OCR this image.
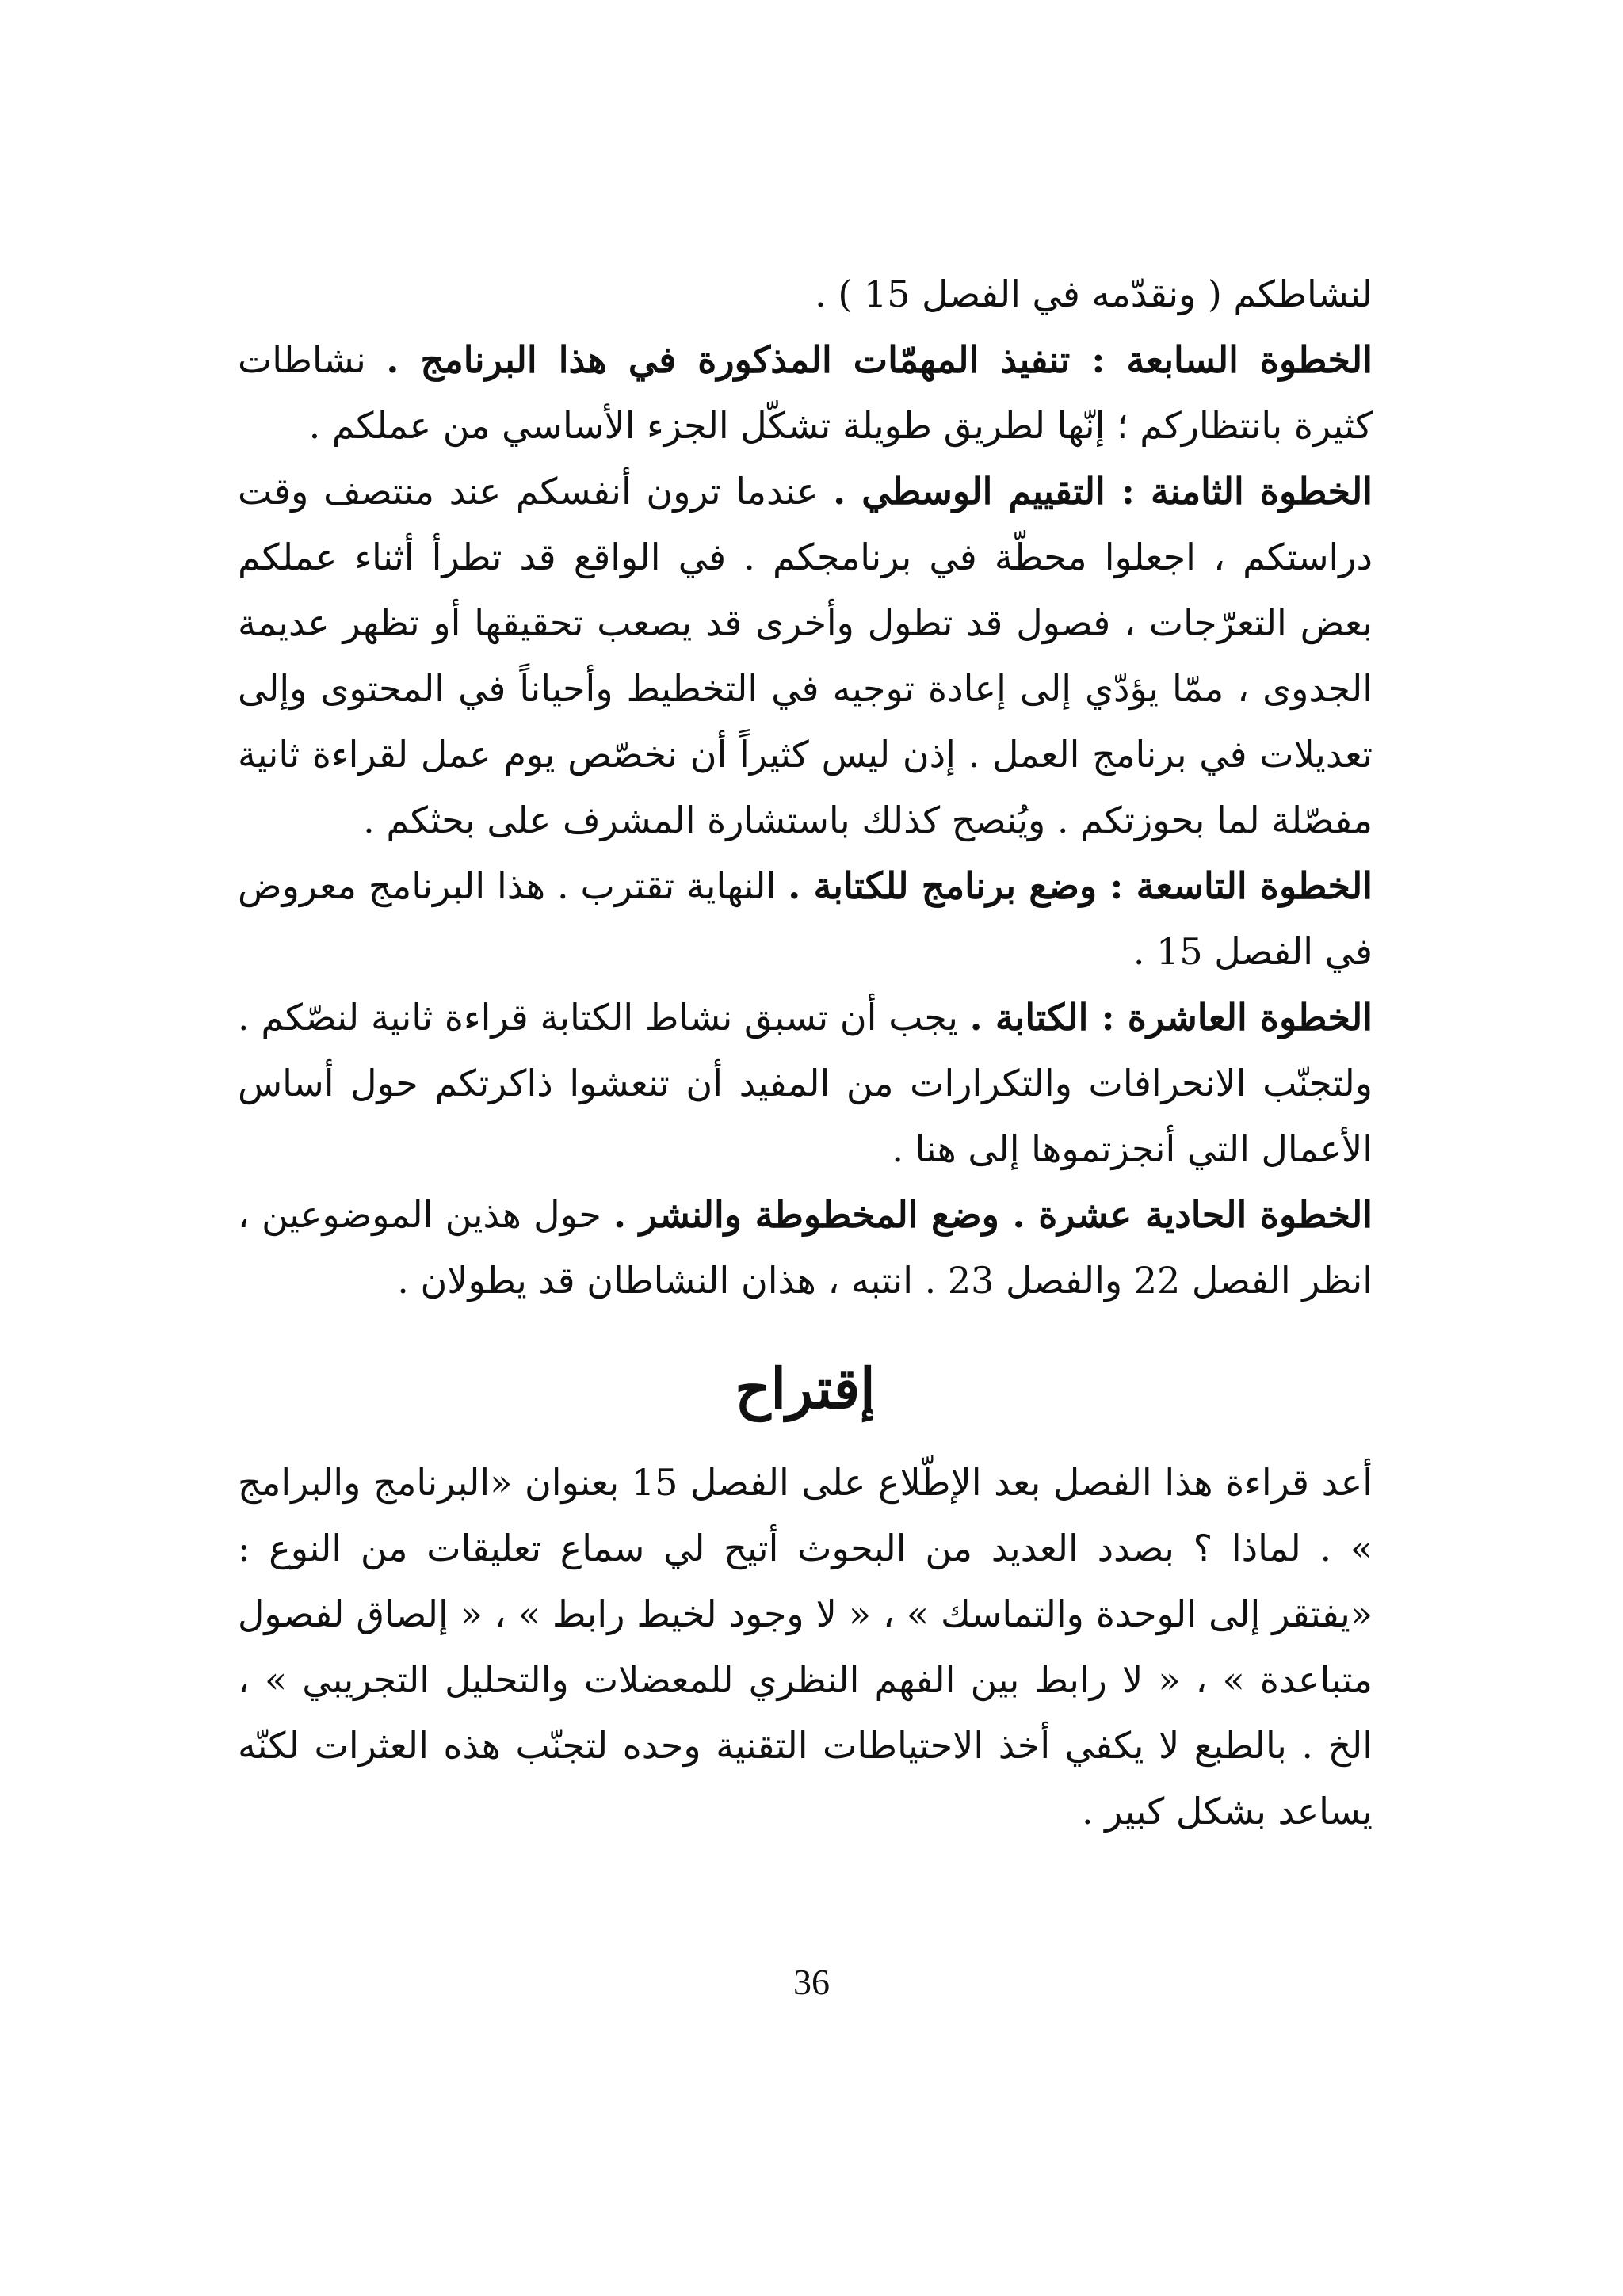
لنشاطكم ( ونقدّمه في الفصل 15 ) .

الخطوة السابعة : تنفيذ المهمّات المذكورة في هذا البرنامج . نشاطات كثيرة بانتظاركم ؛ إنّها لطريق طويلة تشكّل الجزء الأساسي من عملكم .

الخطوة الثامنة : التقييم الوسطي . عندما ترون أنفسكم عند منتصف وقت دراستكم ، اجعلوا محطّة في برنامجكم . في الواقع قد تطرأ أثناء عملكم بعض التعرّجات ، فصول قد تطول وأخرى قد يصعب تحقيقها أو تظهر عديمة الجدوى ، ممّا يؤدّي إلى إعادة توجيه في التخطيط وأحياناً في المحتوى وإلى تعديلات في برنامج العمل . إذن ليس كثيراً أن نخصّص يوم عمل لقراءة ثانية مفصّلة لما بحوزتكم . ويُنصح كذلك باستشارة المشرف على بحثكم .

الخطوة التاسعة : وضع برنامج للكتابة . النهاية تقترب . هذا البرنامج معروض في الفصل 15 .

الخطوة العاشرة : الكتابة . يجب أن تسبق نشاط الكتابة قراءة ثانية لنصّكم . ولتجنّب الانحرافات والتكرارات من المفيد أن تنعشوا ذاكرتكم حول أساس الأعمال التي أنجزتموها إلى هنا .

الخطوة الحادية عشرة . وضع المخطوطة والنشر . حول هذين الموضوعين ، انظر الفصل 22 والفصل 23 . انتبه ، هذان النشاطان قد يطولان .

إقتراح

أعد قراءة هذا الفصل بعد الإطّلاع على الفصل 15 بعنوان «البرنامج والبرامج » . لماذا ؟ بصدد العديد من البحوث أتيح لي سماع تعليقات من النوع : «يفتقر إلى الوحدة والتماسك » ، « لا وجود لخيط رابط » ، « إلصاق لفصول متباعدة » ، « لا رابط بين الفهم النظري للمعضلات والتحليل التجريبي » ، الخ . بالطبع لا يكفي أخذ الاحتياطات التقنية وحده لتجنّب هذه العثرات لكنّه يساعد بشكل كبير .

36
